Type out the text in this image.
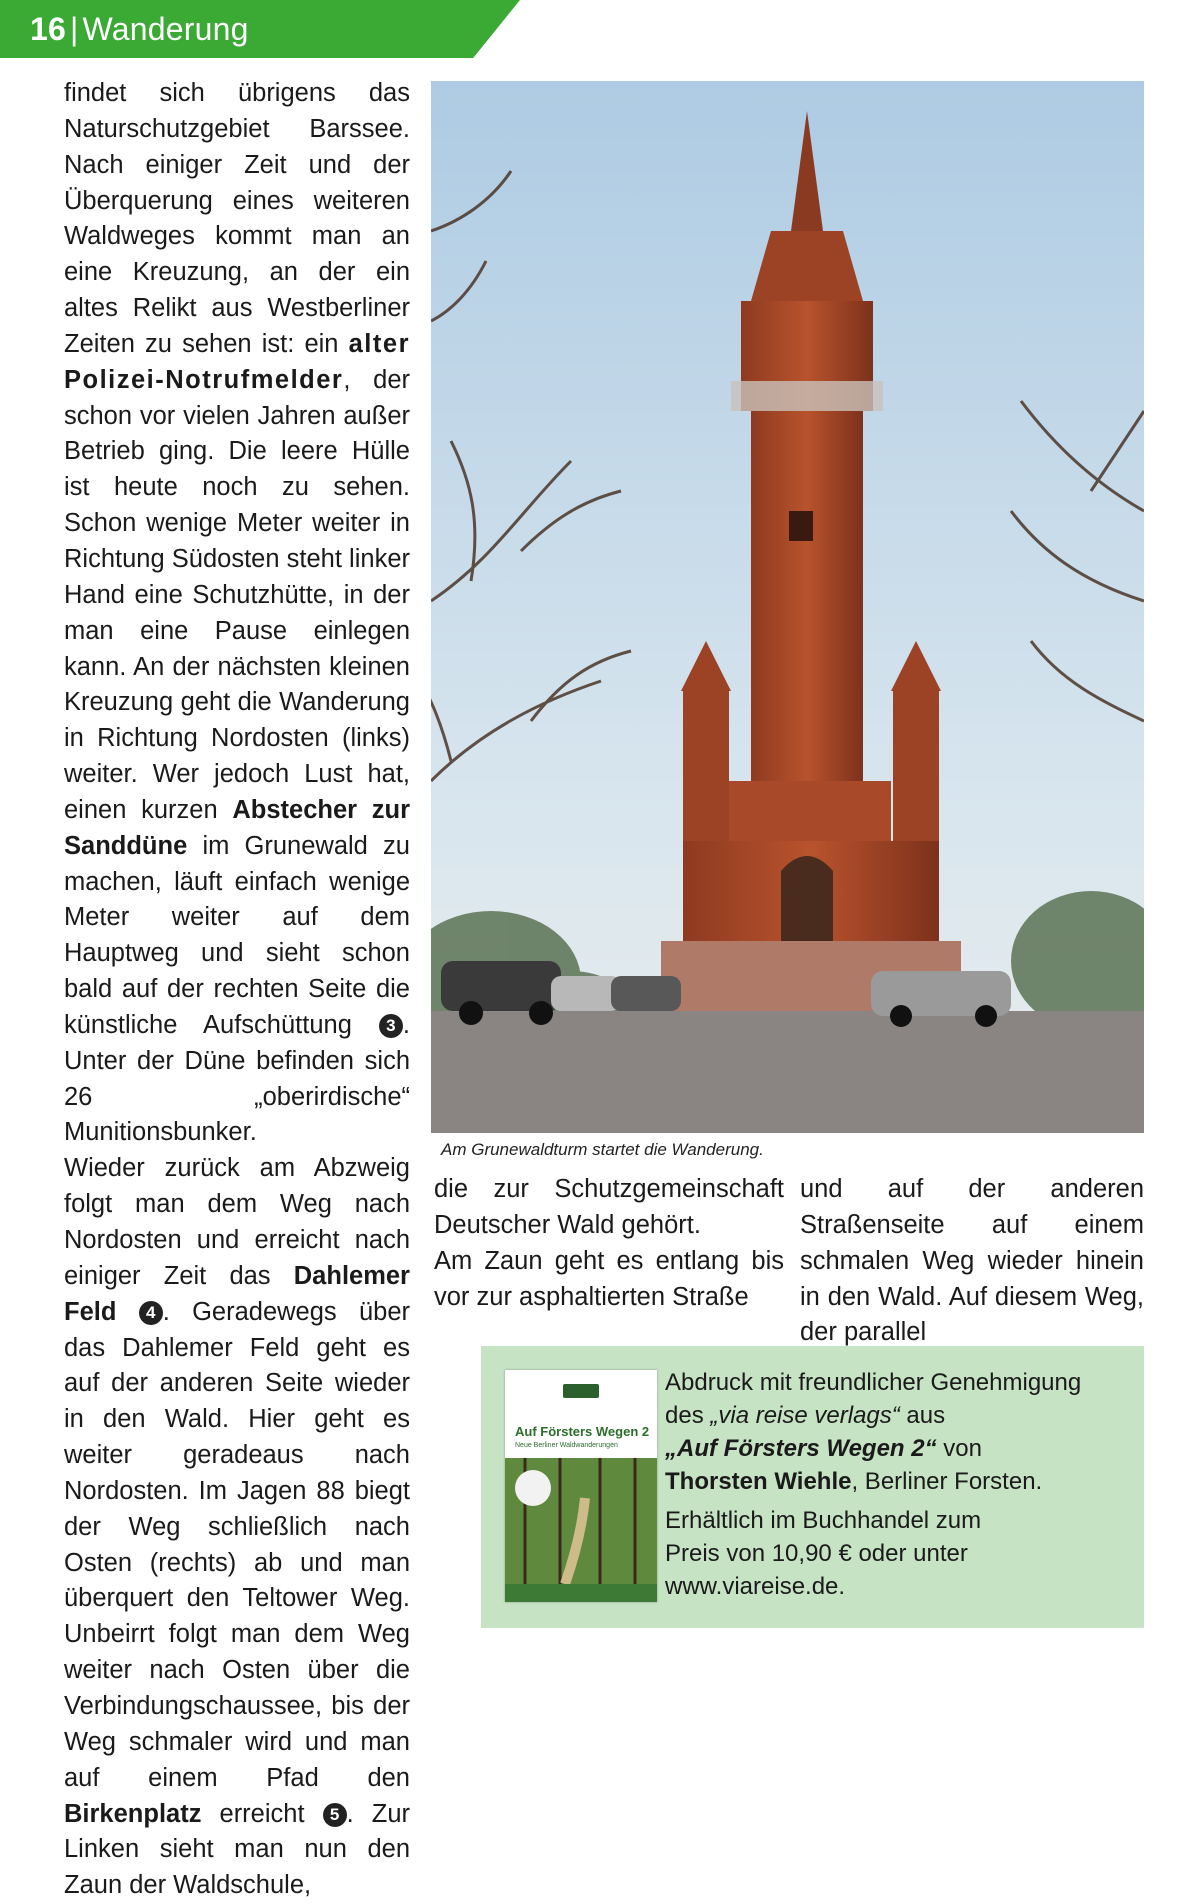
16 | Wanderung

findet sich übrigens das Naturschutzgebiet Barssee. Nach einiger Zeit und der Überquerung eines weiteren Waldweges kommt man an eine Kreuzung, an der ein altes Relikt aus Westberliner Zeiten zu sehen ist: ein alter Polizei-Notrufmelder, der schon vor vielen Jahren außer Betrieb ging. Die leere Hülle ist heute noch zu sehen. Schon wenige Meter weiter in Richtung Südosten steht linker Hand eine Schutzhütte, in der man eine Pause einlegen kann. An der nächsten kleinen Kreuzung geht die Wanderung in Richtung Nordosten (links) weiter. Wer jedoch Lust hat, einen kurzen Abstecher zur Sanddüne im Grunewald zu machen, läuft einfach wenige Meter weiter auf dem Hauptweg und sieht schon bald auf der rechten Seite die künstliche Aufschüttung 3 . Unter der Düne befinden sich 26 „oberirdische“ Munitionsbunker.

Wieder zurück am Abzweig folgt man dem Weg nach Nordosten und erreicht nach einiger Zeit das Dahlemer Feld 4 . Geradewegs über das Dahlemer Feld geht es auf der anderen Seite wieder in den Wald. Hier geht es weiter geradeaus nach Nordosten. Im Jagen 88 biegt der Weg schließlich nach Osten (rechts) ab und man überquert den Teltower Weg. Unbeirrt folgt man dem Weg weiter nach Osten über die Verbindungschaussee, bis der Weg schmaler wird und man auf einem Pfad den Birkenplatz erreicht 5 . Zur Linken sieht man nun den Zaun der Waldschule,

Am Grunewaldturm startet die Wanderung.

die zur Schutzgemeinschaft Deutscher Wald gehört.

Am Zaun geht es entlang bis vor zur asphaltierten Straße

und auf der anderen Straßenseite auf einem schmalen Weg wieder hinein in den Wald. Auf diesem Weg, der parallel

Auf Försters Wegen 2
Neue Berliner Waldwanderungen

Abdruck mit freundlicher Genehmigung

des „via reise verlags“ aus

„Auf Försters Wegen 2“ von

Thorsten Wiehle, Berliner Forsten.

Erhältlich im Buchhandel zum

Preis von 10,90 € oder unter

www.viareise.de.
